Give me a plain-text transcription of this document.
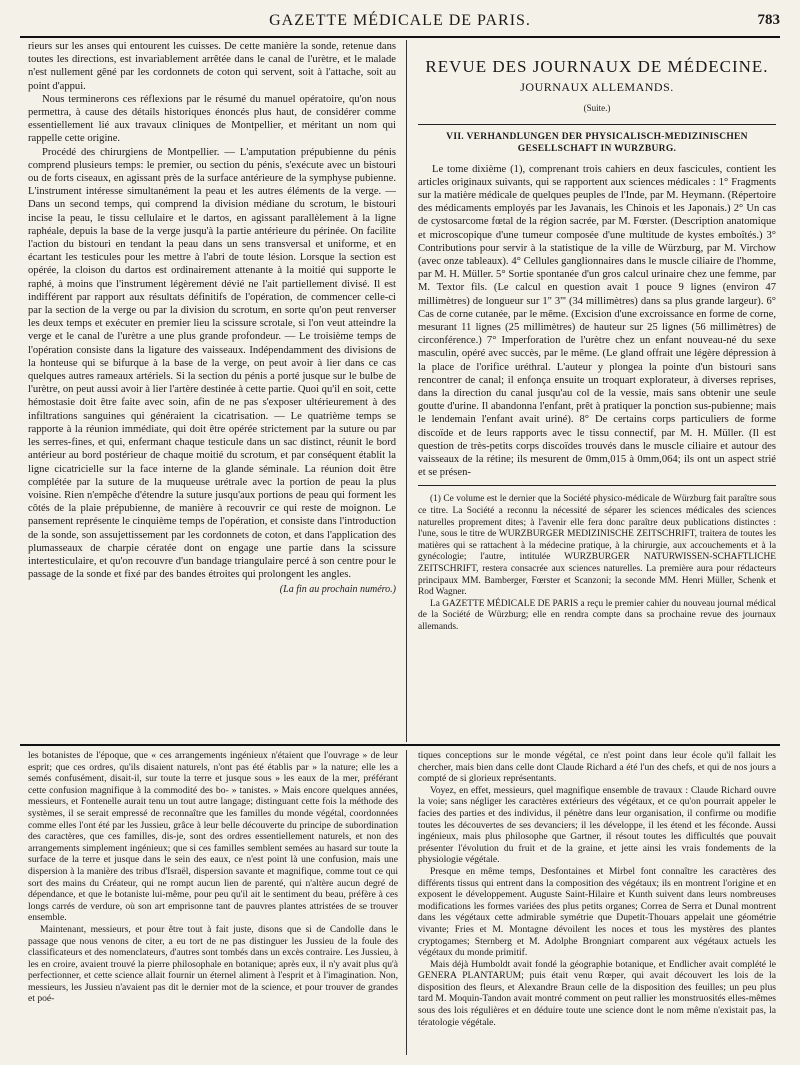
GAZETTE MÉDICALE DE PARIS.	783

rieurs sur les anses qui entourent les cuisses. De cette manière la sonde, retenue dans toutes les directions, est invariablement arrêtée dans le canal de l'urètre, et le malade n'est nullement gêné par les cordonnets de coton qui servent, soit à l'attache, soit au point d'appui.

Nous terminerons ces réflexions par le résumé du manuel opératoire, qu'on nous permettra, à cause des détails historiques énoncés plus haut, de considérer comme essentiellement lié aux travaux cliniques de Montpellier, et méritant un nom qui rappelle cette origine.

Procédé des chirurgiens de Montpellier. — L'amputation prépubienne du pénis comprend plusieurs temps: le premier, ou section du pénis, s'exécute avec un bistouri ou de forts ciseaux, en agissant près de la surface antérieure de la symphyse pubienne. L'instrument intéresse simultanément la peau et les autres éléments de la verge. — Dans un second temps, qui comprend la division médiane du scrotum, le bistouri incise la peau, le tissu cellulaire et le dartos, en agissant parallèlement à la ligne raphéale, depuis la base de la verge jusqu'à la partie antérieure du périnée. On facilite l'action du bistouri en tendant la peau dans un sens transversal et uniforme, et en écartant les testicules pour les mettre à l'abri de toute lésion. Lorsque la section est opérée, la cloison du dartos est ordinairement attenante à la moitié qui supporte le raphé, à moins que l'instrument légèrement dévié ne l'ait partiellement divisé. Il est indifférent par rapport aux résultats définitifs de l'opération, de commencer celle-ci par la section de la verge ou par la division du scrotum, en sorte qu'on peut renverser les deux temps et exécuter en premier lieu la scissure scrotale, si l'on veut atteindre la verge et le canal de l'urètre a une plus grande profondeur. — Le troisième temps de l'opération consiste dans la ligature des vaisseaux. Indépendamment des divisions de la honteuse qui se bifurque à la base de la verge, on peut avoir à lier dans ce cas quelques autres rameaux artériels. Si la section du pénis a porté jusque sur le bulbe de l'urètre, on peut aussi avoir à lier l'artère destinée à cette partie. Quoi qu'il en soit, cette hémostasie doit être faite avec soin, afin de ne pas s'exposer ultérieurement à des infiltrations sanguines qui généraient la cicatrisation. — Le quatrième temps se rapporte à la réunion immédiate, qui doit être opérée strictement par la suture ou par les serres-fines, et qui, enfermant chaque testicule dans un sac distinct, réunit le bord antérieur au bord postérieur de chaque moitié du scrotum, et par conséquent établit la ligne cicatricielle sur la face interne de la glande séminale. La réunion doit être complétée par la suture de la muqueuse urétrale avec la portion de peau la plus voisine. Rien n'empêche d'étendre la suture jusqu'aux portions de peau qui forment les côtés de la plaie prépubienne, de manière à recouvrir ce qui reste de moignon. Le pansement représente le cinquième temps de l'opération, et consiste dans l'introduction de la sonde, son assujettissement par les cordonnets de coton, et dans l'application des plumasseaux de charpie cératée dont on engage une partie dans la scissure intertesticulaire, et qu'on recouvre d'un bandage triangulaire percé à son centre pour le passage de la sonde et fixé par des bandes étroites qui prolongent les angles.

(La fin au prochain numéro.)
REVUE DES JOURNAUX DE MÉDECINE.
JOURNAUX ALLEMANDS.
(Suite.)
VII. VERHANDLUNGEN DER PHYSICALISCH-MEDIZINISCHEN GESELLSCHAFT IN WURZBURG.

Le tome dixième (1), comprenant trois cahiers en deux fascicules, contient les articles originaux suivants, qui se rapportent aux sciences médicales : 1° Fragments sur la matière médicale de quelques peuples de l'Inde, par M. Heymann. (Répertoire des médicaments employés par les Javanais, les Chinois et les Japonais.) 2° Un cas de cystosarcome fœtal de la région sacrée, par M. Fœrster. (Description anatomique et microscopique d'une tumeur composée d'une multitude de kystes emboîtés.) 3° Contributions pour servir à la statistique de la ville de Würzburg, par M. Virchow (avec onze tableaux). 4° Cellules ganglionnaires dans le muscle ciliaire de l'homme, par M. H. Müller. 5° Sortie spontanée d'un gros calcul urinaire chez une femme, par M. Textor fils. (Le calcul en question avait 1 pouce 9 lignes (environ 47 millimètres) de longueur sur 1" 3''' (34 millimètres) dans sa plus grande largeur). 6° Cas de corne cutanée, par le même. (Excision d'une excroissance en forme de corne, mesurant 11 lignes (25 millimètres) de hauteur sur 25 lignes (56 millimètres) de circonférence.) 7° Imperforation de l'urètre chez un enfant nouveau-né du sexe masculin, opéré avec succès, par le même. (Le gland offrait une légère dépression à la place de l'orifice uréthral. L'auteur y plongea la pointe d'un bistouri sans rencontrer de canal; il enfonça ensuite un troquart explorateur, à diverses reprises, dans la direction du canal jusqu'au col de la vessie, mais sans obtenir une seule goutte d'urine. Il abandonna l'enfant, prêt à pratiquer la ponction sus-pubienne; mais le lendemain l'enfant avait uriné). 8° De certains corps particuliers de forme discoïde et de leurs rapports avec le tissu connectif, par M. H. Müller. (Il est question de très-petits corps discoïdes trouvés dans le muscle ciliaire et autour des vaisseaux de la rétine; ils mesurent de 0mm,015 à 0mm,064; ils ont un aspect strié et se présen-

(1) Ce volume est le dernier que la Société physico-médicale de Würzburg fait paraître sous ce titre. La Société a reconnu la nécessité de séparer les sciences médicales des sciences naturelles proprement dites; à l'avenir elle fera donc paraître deux publications distinctes : l'une, sous le titre de WURZBURGER MEDIZINISCHE ZEITSCHRIFT, traitera de toutes les matières qui se rattachent à la médecine pratique, à la chirurgie, aux accouchements et à la gynécologie; l'autre, intitulée WURZBURGER NATURWISSEN-SCHAFTLICHE ZEITSCHRIFT, restera consacrée aux sciences naturelles. La première aura pour rédacteurs principaux MM. Bamberger, Fœrster et Scanzoni; la seconde MM. Henri Müller, Schenk et Rod Wagner.

La GAZETTE MÉDICALE DE PARIS a reçu le premier cahier du nouveau journal médical de la Société de Würzburg; elle en rendra compte dans sa prochaine revue des journaux allemands.

les botanistes de l'époque, que « ces arrangements ingénieux n'étaient que l'ouvrage » de leur esprit; que ces ordres, qu'ils disaient naturels, n'ont pas été établis par » la nature; elle les a semés confusément, disait-il, sur toute la terre et jusque sous » les eaux de la mer, préférant cette confusion magnifique à la commodité des bo- » tanistes. » Mais encore quelques années, messieurs, et Fontenelle aurait tenu un tout autre langage; distinguant cette fois la méthode des systèmes, il se serait empressé de reconnaître que les familles du monde végétal, coordonnées comme elles l'ont été par les Jussieu, grâce à leur belle découverte du principe de subordination des caractères, que ces familles, dis-je, sont des ordres essentiellement naturels, et non des arrangements simplement ingénieux; que si ces familles semblent semées au hasard sur toute la surface de la terre et jusque dans le sein des eaux, ce n'est point là une confusion, mais une dispersion à la manière des tribus d'Israël, dispersion savante et magnifique, comme tout ce qui sort des mains du Créateur, qui ne rompt aucun lien de parenté, qui n'altère aucun degré de dépendance, et que le botaniste lui-même, pour peu qu'il ait le sentiment du beau, préfère à ces longs carrés de verdure, où son art emprisonne tant de pauvres plantes attristées de se trouver ensemble.

Maintenant, messieurs, et pour être tout à fait juste, disons que si de Candolle dans le passage que nous venons de citer, a eu tort de ne pas distinguer les Jussieu de la foule des classificateurs et des nomenclateurs, d'autres sont tombés dans un excès contraire. Les Jussieu, à les en croire, avaient trouvé la pierre philosophale en botanique; après eux, il n'y avait plus qu'à perfectionner, et cette science allait fournir un éternel aliment à l'esprit et à l'imagination. Non, messieurs, les Jussieu n'avaient pas dit le dernier mot de la science, et pour trouver de grandes et poé-

tiques conceptions sur le monde végétal, ce n'est point dans leur école qu'il fallait les chercher, mais bien dans celle dont Claude Richard a été l'un des chefs, et qui de nos jours a compté de si glorieux représentants.

Voyez, en effet, messieurs, quel magnifique ensemble de travaux : Claude Richard ouvre la voie; sans négliger les caractères extérieurs des végétaux, et ce qu'on pourrait appeler le facies des parties et des individus, il pénètre dans leur organisation, il confirme ou modifie toutes les découvertes de ses devanciers; il les développe, il les étend et les féconde. Aussi ingénieux, mais plus philosophe que Gartner, il résout toutes les difficultés que pouvait présenter l'évolution du fruit et de la graine, et jette ainsi les vrais fondements de la physiologie végétale.

Presque en même temps, Desfontaines et Mirbel font connaître les caractères des différents tissus qui entrent dans la composition des végétaux; ils en montrent l'origine et en exposent le développement. Auguste Saint-Hilaire et Kunth suivent dans leurs nombreuses modifications les formes variées des plus petits organes; Correa de Serra et Dunal montrent dans les végétaux cette admirable symétrie que Dupetit-Thouars appelait une géométrie vivante; Fries et M. Montagne dévoilent les noces et tous les mystères des plantes cryptogames; Sternberg et M. Adolphe Brongniart comparent aux végétaux actuels les végétaux du monde primitif.

Mais déjà Humboldt avait fondé la géographie botanique, et Endlicher avait complété le GENERA PLANTARUM; puis était venu Rœper, qui avait découvert les lois de la disposition des fleurs, et Alexandre Braun celle de la disposition des feuilles; un peu plus tard M. Moquin-Tandon avait montré comment on peut rallier les monstruosités elles-mêmes sous des lois régulières et en déduire toute une science dont le nom même n'existait pas, la tératologie végétale.
